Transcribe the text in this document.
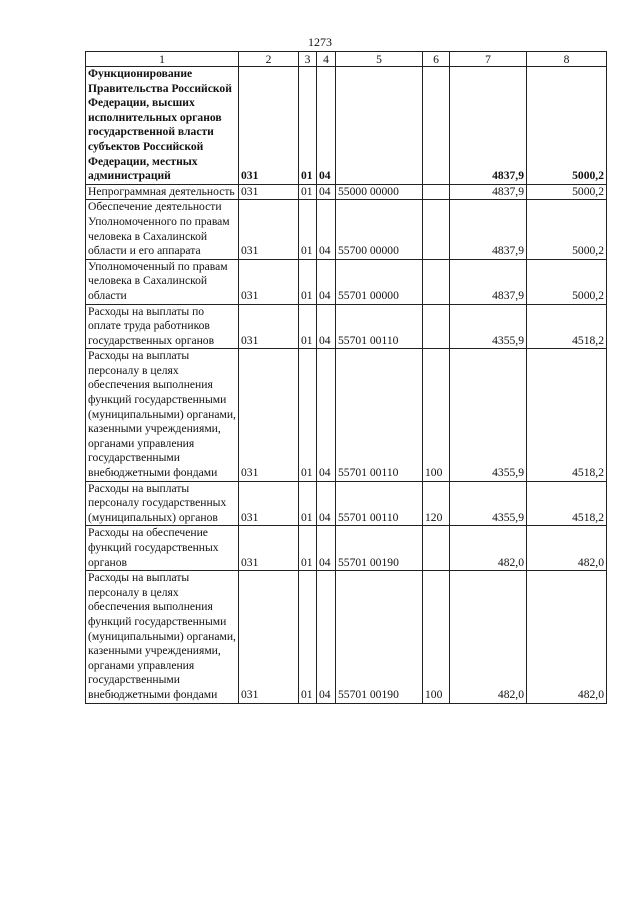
1273
1	2	3	4	5	6	7	8
Функционирование Правительства Российской Федерации, высших исполнительных органов государственной власти субъектов Российской Федерации, местных администраций	031	01	04			4837,9	5000,2
Непрограммная деятельность	031	01	04	55000 00000		4837,9	5000,2
Обеспечение деятельности Уполномоченного по правам человека в Сахалинской области и его аппарата	031	01	04	55700 00000		4837,9	5000,2
Уполномоченный по правам человека в Сахалинской области	031	01	04	55701 00000		4837,9	5000,2
Расходы на выплаты по оплате труда работников государственных органов	031	01	04	55701 00110		4355,9	4518,2
Расходы на выплаты персоналу в целях обеспечения выполнения функций государственными (муниципальными) органами, казенными учреждениями, органами управления государственными внебюджетными фондами	031	01	04	55701 00110	100	4355,9	4518,2
Расходы на выплаты персоналу государственных (муниципальных) органов	031	01	04	55701 00110	120	4355,9	4518,2
Расходы на обеспечение функций государственных органов	031	01	04	55701 00190		482,0	482,0
Расходы на выплаты персоналу в целях обеспечения выполнения функций государственными (муниципальными) органами, казенными учреждениями, органами управления государственными внебюджетными фондами	031	01	04	55701 00190	100	482,0	482,0
